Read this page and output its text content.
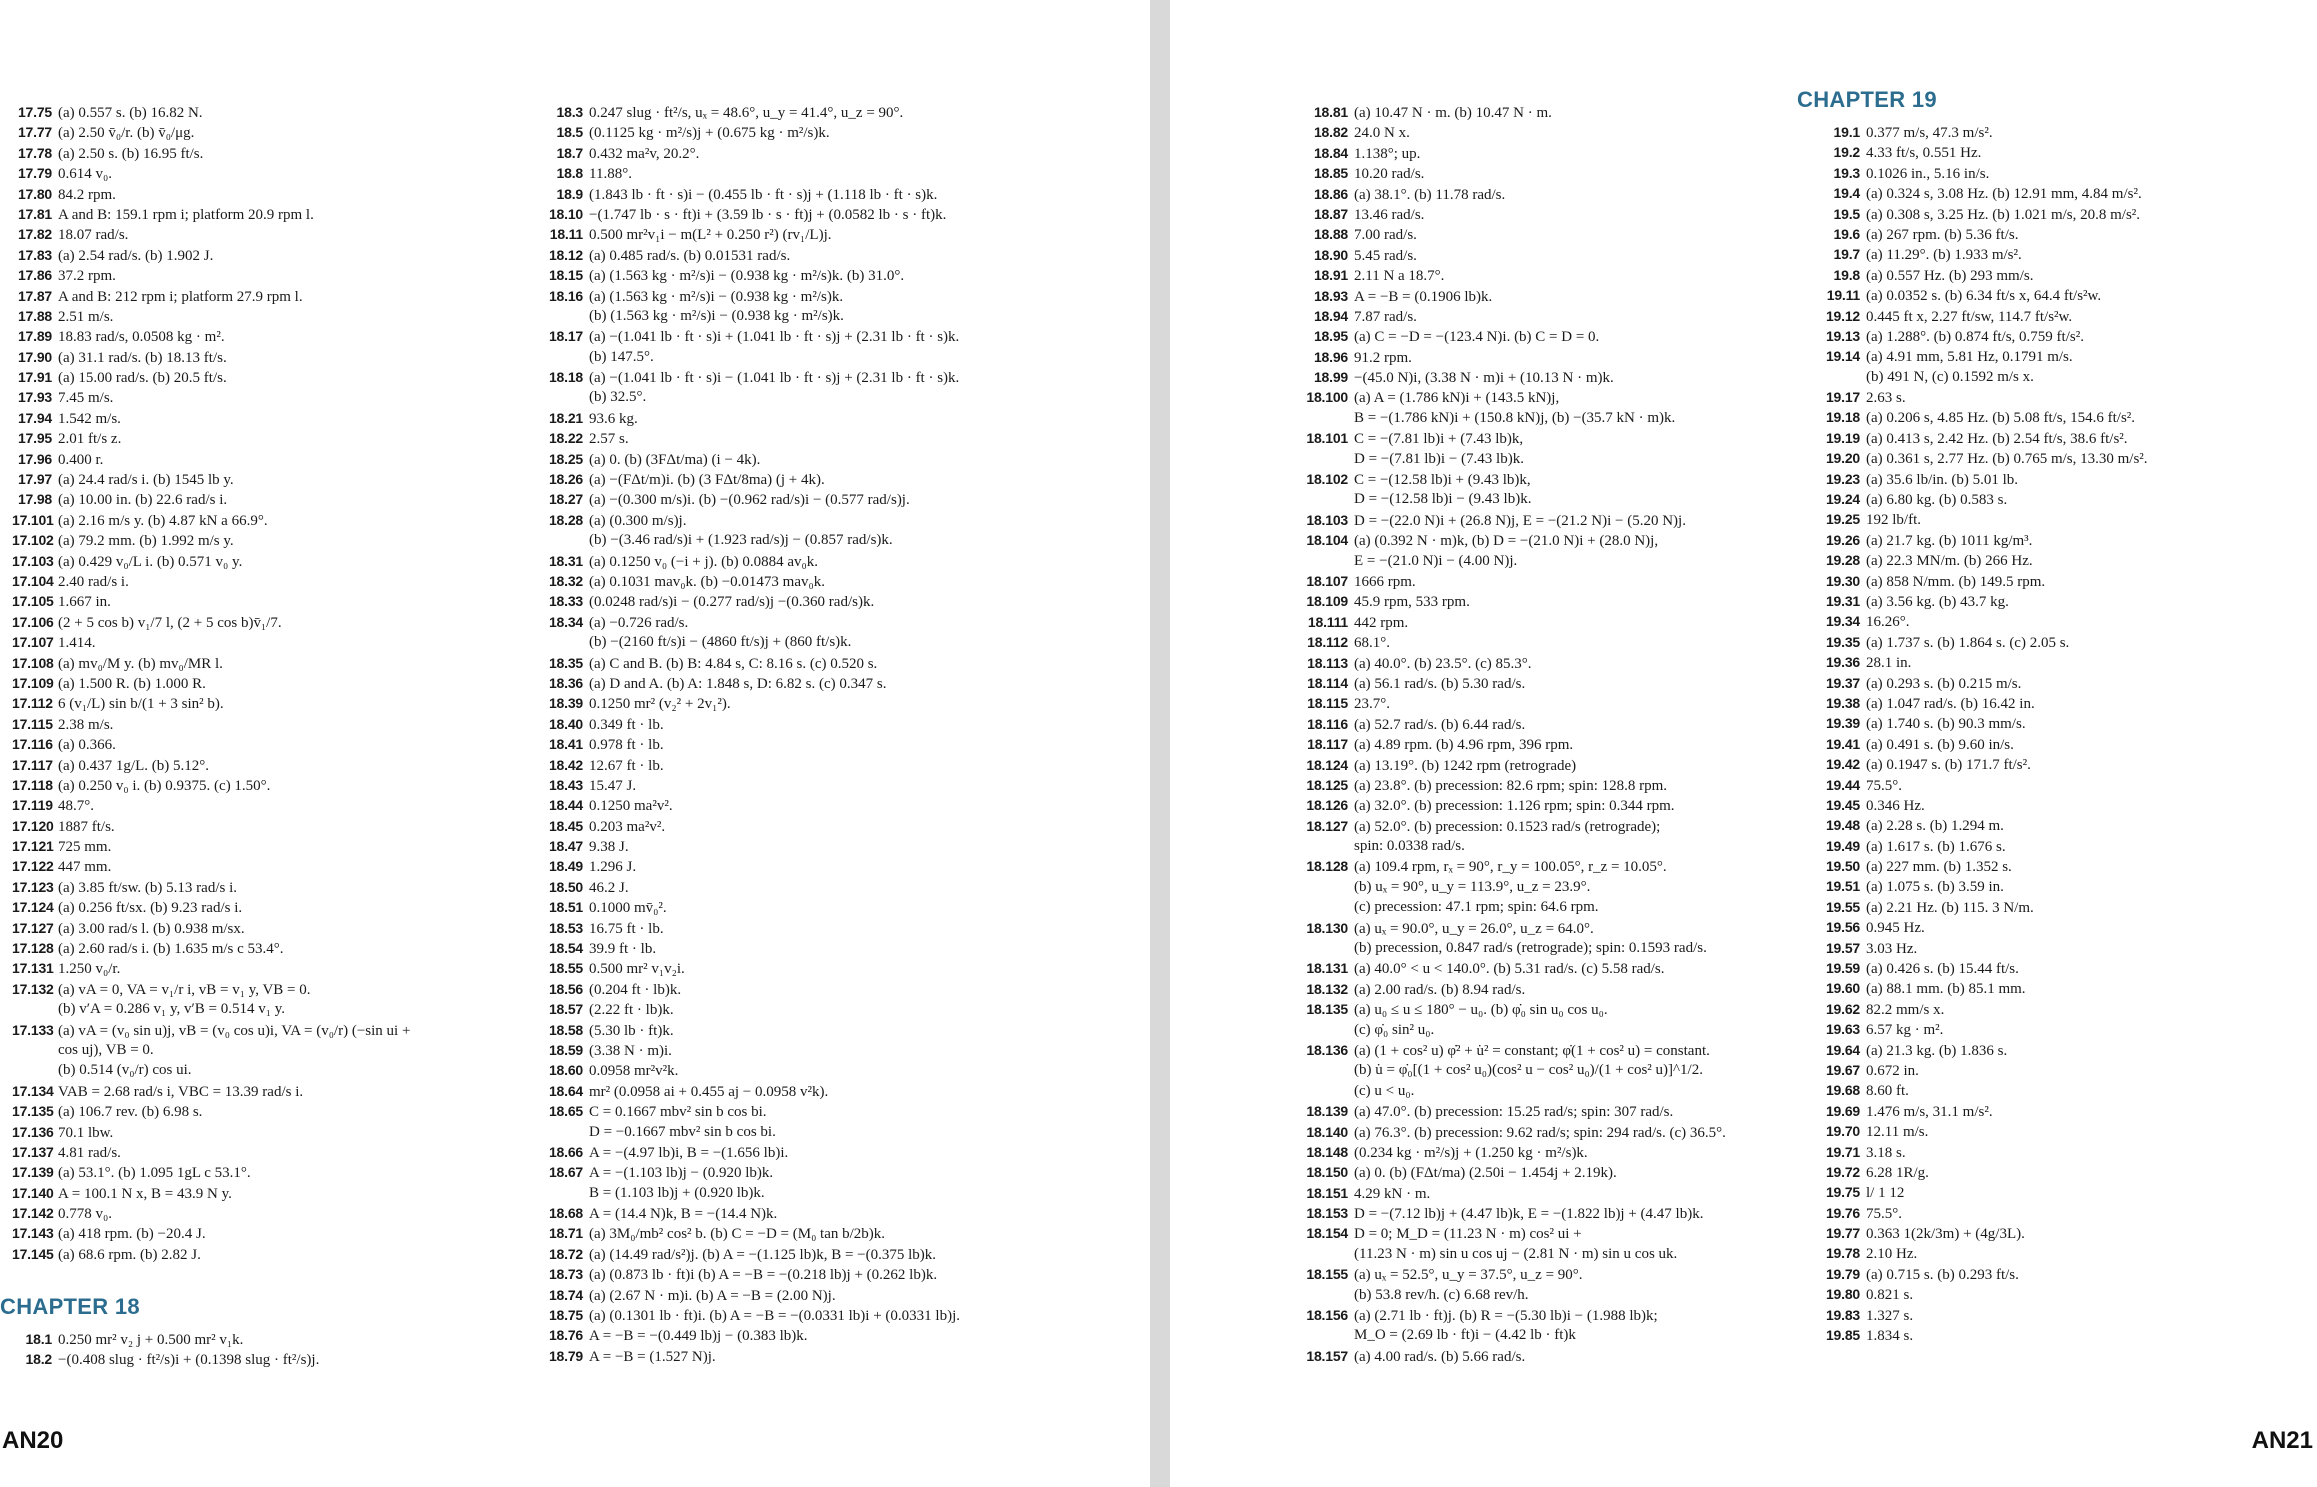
17.75 (a) 0.557 s. (b) 16.82 N.
17.77 (a) 2.50 v̄₀/r. (b) v̄₀/μg.
17.78 (a) 2.50 s. (b) 16.95 ft/s.
17.79 0.614 v₀.
17.80 84.2 rpm.
17.81 A and B: 159.1 rpm i; platform 20.9 rpm l.
17.82 18.07 rad/s.
17.83 (a) 2.54 rad/s. (b) 1.902 J.
17.86 37.2 rpm.
17.87 A and B: 212 rpm i; platform 27.9 rpm l.
17.88 2.51 m/s.
17.89 18.83 rad/s, 0.0508 kg · m².
17.90 (a) 31.1 rad/s. (b) 18.13 ft/s.
17.91 (a) 15.00 rad/s. (b) 20.5 ft/s.
17.93 7.45 m/s.
17.94 1.542 m/s.
17.95 2.01 ft/s z.
17.96 0.400 r.
17.97 (a) 24.4 rad/s i. (b) 1545 lb y.
17.98 (a) 10.00 in. (b) 22.6 rad/s i.
17.101 (a) 2.16 m/s y. (b) 4.87 kN a 66.9°.
17.102 (a) 79.2 mm. (b) 1.992 m/s y.
17.103 (a) 0.429 v₀/L i. (b) 0.571 v₀ y.
17.104 2.40 rad/s i.
17.105 1.667 in.
17.106 (2 + 5 cos b) v₁/7 l, (2 + 5 cos b)v̄₁/7.
17.107 1.414.
17.108 (a) mv₀/M y. (b) mv₀/MR l.
17.109 (a) 1.500 R. (b) 1.000 R.
17.112 6 (v₁/L) sin b/(1 + 3 sin² b).
17.115 2.38 m/s.
17.116 (a) 0.366.
17.117 (a) 0.437 1g/L. (b) 5.12°.
17.118 (a) 0.250 v₀ i. (b) 0.9375. (c) 1.50°.
17.119 48.7°.
17.120 1887 ft/s.
17.121 725 mm.
17.122 447 mm.
17.123 (a) 3.85 ft/sw. (b) 5.13 rad/s i.
17.124 (a) 0.256 ft/sx. (b) 9.23 rad/s i.
17.127 (a) 3.00 rad/s l. (b) 0.938 m/sx.
17.128 (a) 2.60 rad/s i. (b) 1.635 m/s c 53.4°.
17.131 1.250 v₀/r.
17.132 (a) vA = 0, VA = v₁/r i, vB = v₁ y, VB = 0.
(b) v′A = 0.286 v₁ y, v′B = 0.514 v₁ y.
17.133 (a) vA = (v₀ sin u)j, vB = (v₀ cos u)i, VA = (v₀/r) (−sin ui +
cos uj), VB = 0.
(b) 0.514 (v₀/r) cos ui.
17.134 VAB = 2.68 rad/s i, VBC = 13.39 rad/s i.
17.135 (a) 106.7 rev. (b) 6.98 s.
17.136 70.1 lbw.
17.137 4.81 rad/s.
17.139 (a) 53.1°. (b) 1.095 1gL c 53.1°.
17.140 A = 100.1 N x, B = 43.9 N y.
17.142 0.778 v₀.
17.143 (a) 418 rpm. (b) −20.4 J.
17.145 (a) 68.6 rpm. (b) 2.82 J.
CHAPTER 18
18.1 0.250 mr² v₂ j + 0.500 mr² v₁k.
18.2 −(0.408 slug · ft²/s)i + (0.1398 slug · ft²/s)j.
18.3 0.247 slug · ft²/s, uₓ = 48.6°, u_y = 41.4°, u_z = 90°.
18.5 (0.1125 kg · m²/s)j + (0.675 kg · m²/s)k.
18.7 0.432 ma²v, 20.2°.
18.8 11.88°.
18.9 (1.843 lb · ft · s)i − (0.455 lb · ft · s)j + (1.118 lb · ft · s)k.
18.10 −(1.747 lb · s · ft)i + (3.59 lb · s · ft)j + (0.0582 lb · s · ft)k.
18.11 0.500 mr²v₁i − m(L² + 0.250 r²) (rv₁/L)j.
18.12 (a) 0.485 rad/s. (b) 0.01531 rad/s.
18.15 (a) (1.563 kg · m²/s)i − (0.938 kg · m²/s)k. (b) 31.0°.
18.16 (a) (1.563 kg · m²/s)i − (0.938 kg · m²/s)k.
(b) (1.563 kg · m²/s)i − (0.938 kg · m²/s)k.
18.17 (a) −(1.041 lb · ft · s)i + (1.041 lb · ft · s)j + (2.31 lb · ft · s)k.
(b) 147.5°.
18.18 (a) −(1.041 lb · ft · s)i − (1.041 lb · ft · s)j + (2.31 lb · ft · s)k.
(b) 32.5°.
18.21 93.6 kg.
18.22 2.57 s.
18.25 (a) 0. (b) (3FΔt/ma) (i − 4k).
18.26 (a) −(FΔt/m)i. (b) (3 FΔt/8ma) (j + 4k).
18.27 (a) −(0.300 m/s)i. (b) −(0.962 rad/s)i − (0.577 rad/s)j.
18.28 (a) (0.300 m/s)j.
(b) −(3.46 rad/s)i + (1.923 rad/s)j − (0.857 rad/s)k.
18.31 (a) 0.1250 v₀ (−i + j). (b) 0.0884 av₀k.
18.32 (a) 0.1031 mav₀k. (b) −0.01473 mav₀k.
18.33 (0.0248 rad/s)i − (0.277 rad/s)j −(0.360 rad/s)k.
18.34 (a) −0.726 rad/s.
(b) −(2160 ft/s)i − (4860 ft/s)j + (860 ft/s)k.
18.35 (a) C and B. (b) B: 4.84 s, C: 8.16 s. (c) 0.520 s.
18.36 (a) D and A. (b) A: 1.848 s, D: 6.82 s. (c) 0.347 s.
18.39 0.1250 mr² (v₂² + 2v₁²).
18.40 0.349 ft · lb.
18.41 0.978 ft · lb.
18.42 12.67 ft · lb.
18.43 15.47 J.
18.44 0.1250 ma²v².
18.45 0.203 ma²v².
18.47 9.38 J.
18.49 1.296 J.
18.50 46.2 J.
18.51 0.1000 mv̄₀².
18.53 16.75 ft · lb.
18.54 39.9 ft · lb.
18.55 0.500 mr² v₁v₂i.
18.56 (0.204 ft · lb)k.
18.57 (2.22 ft · lb)k.
18.58 (5.30 lb · ft)k.
18.59 (3.38 N · m)i.
18.60 0.0958 mr²v²k.
18.64 mr² (0.0958 ai + 0.455 aj − 0.0958 v²k).
18.65 C = 0.1667 mbv² sin b cos bi.
D = −0.1667 mbv² sin b cos bi.
18.66 A = −(4.97 lb)i, B = −(1.656 lb)i.
18.67 A = −(1.103 lb)j − (0.920 lb)k.
B = (1.103 lb)j + (0.920 lb)k.
18.68 A = (14.4 N)k, B = −(14.4 N)k.
18.71 (a) 3M₀/mb² cos² b. (b) C = −D = (M₀ tan b/2b)k.
18.72 (a) (14.49 rad/s²)j. (b) A = −(1.125 lb)k, B = −(0.375 lb)k.
18.73 (a) (0.873 lb · ft)i (b) A = −B = −(0.218 lb)j + (0.262 lb)k.
18.74 (a) (2.67 N · m)i. (b) A = −B = (2.00 N)j.
18.75 (a) (0.1301 lb · ft)i. (b) A = −B = −(0.0331 lb)i + (0.0331 lb)j.
18.76 A = −B = −(0.449 lb)j − (0.383 lb)k.
18.79 A = −B = (1.527 N)j.
AN20
18.81 (a) 10.47 N · m. (b) 10.47 N · m.
18.82 24.0 N x.
18.84 1.138°; up.
18.85 10.20 rad/s.
18.86 (a) 38.1°. (b) 11.78 rad/s.
18.87 13.46 rad/s.
18.88 7.00 rad/s.
18.90 5.45 rad/s.
18.91 2.11 N a 18.7°.
18.93 A = −B = (0.1906 lb)k.
18.94 7.87 rad/s.
18.95 (a) C = −D = −(123.4 N)i. (b) C = D = 0.
18.96 91.2 rpm.
18.99 −(45.0 N)i, (3.38 N · m)i + (10.13 N · m)k.
18.100 (a) A = (1.786 kN)i + (143.5 kN)j,
B = −(1.786 kN)i + (150.8 kN)j, (b) −(35.7 kN · m)k.
18.101 C = −(7.81 lb)i + (7.43 lb)k,
D = −(7.81 lb)i − (7.43 lb)k.
18.102 C = −(12.58 lb)i + (9.43 lb)k,
D = −(12.58 lb)i − (9.43 lb)k.
18.103 D = −(22.0 N)i + (26.8 N)j, E = −(21.2 N)i − (5.20 N)j.
18.104 (a) (0.392 N · m)k, (b) D = −(21.0 N)i + (28.0 N)j,
E = −(21.0 N)i − (4.00 N)j.
18.107 1666 rpm.
18.109 45.9 rpm, 533 rpm.
18.111 442 rpm.
18.112 68.1°.
18.113 (a) 40.0°. (b) 23.5°. (c) 85.3°.
18.114 (a) 56.1 rad/s. (b) 5.30 rad/s.
18.115 23.7°.
18.116 (a) 52.7 rad/s. (b) 6.44 rad/s.
18.117 (a) 4.89 rpm. (b) 4.96 rpm, 396 rpm.
18.124 (a) 13.19°. (b) 1242 rpm (retrograde)
18.125 (a) 23.8°. (b) precession: 82.6 rpm; spin: 128.8 rpm.
18.126 (a) 32.0°. (b) precession: 1.126 rpm; spin: 0.344 rpm.
18.127 (a) 52.0°. (b) precession: 0.1523 rad/s (retrograde);
spin: 0.0338 rad/s.
18.128 (a) 109.4 rpm, rₓ = 90°, r_y = 100.05°, r_z = 10.05°.
(b) uₓ = 90°, u_y = 113.9°, u_z = 23.9°.
(c) precession: 47.1 rpm; spin: 64.6 rpm.
18.130 (a) uₓ = 90.0°, u_y = 26.0°, u_z = 64.0°.
(b) precession, 0.847 rad/s (retrograde); spin: 0.1593 rad/s.
18.131 (a) 40.0° < u < 140.0°. (b) 5.31 rad/s. (c) 5.58 rad/s.
18.132 (a) 2.00 rad/s. (b) 8.94 rad/s.
18.135 (a) u₀ ≤ u ≤ 180° − u₀. (b) φ̇₀ sin u₀ cos u₀.
(c) φ̇₀ sin² u₀.
18.136 (a) (1 + cos² u) φ̇² + u̇² = constant; φ̇(1 + cos² u) = constant.
(b) u̇ = φ̇₀[(1 + cos² u₀)(cos² u − cos² u₀)/(1 + cos² u)]^1/2.
(c) u < u₀.
18.139 (a) 47.0°. (b) precession: 15.25 rad/s; spin: 307 rad/s.
18.140 (a) 76.3°. (b) precession: 9.62 rad/s; spin: 294 rad/s. (c) 36.5°.
18.148 (0.234 kg · m²/s)j + (1.250 kg · m²/s)k.
18.150 (a) 0. (b) (FΔt/ma) (2.50i − 1.454j + 2.19k).
18.151 4.29 kN · m.
18.153 D = −(7.12 lb)j + (4.47 lb)k, E = −(1.822 lb)j + (4.47 lb)k.
18.154 D = 0; M_D = (11.23 N · m) cos² ui +
(11.23 N · m) sin u cos uj − (2.81 N · m) sin u cos uk.
18.155 (a) uₓ = 52.5°, u_y = 37.5°, u_z = 90°.
(b) 53.8 rev/h. (c) 6.68 rev/h.
18.156 (a) (2.71 lb · ft)j. (b) R = −(5.30 lb)i − (1.988 lb)k;
M_O = (2.69 lb · ft)i − (4.42 lb · ft)k
18.157 (a) 4.00 rad/s. (b) 5.66 rad/s.
CHAPTER 19
19.1 0.377 m/s, 47.3 m/s².
19.2 4.33 ft/s, 0.551 Hz.
19.3 0.1026 in., 5.16 in/s.
19.4 (a) 0.324 s, 3.08 Hz. (b) 12.91 mm, 4.84 m/s².
19.5 (a) 0.308 s, 3.25 Hz. (b) 1.021 m/s, 20.8 m/s².
19.6 (a) 267 rpm. (b) 5.36 ft/s.
19.7 (a) 11.29°. (b) 1.933 m/s².
19.8 (a) 0.557 Hz. (b) 293 mm/s.
19.11 (a) 0.0352 s. (b) 6.34 ft/s x, 64.4 ft/s²w.
19.12 0.445 ft x, 2.27 ft/sw, 114.7 ft/s²w.
19.13 (a) 1.288°. (b) 0.874 ft/s, 0.759 ft/s².
19.14 (a) 4.91 mm, 5.81 Hz, 0.1791 m/s.
(b) 491 N, (c) 0.1592 m/s x.
19.17 2.63 s.
19.18 (a) 0.206 s, 4.85 Hz. (b) 5.08 ft/s, 154.6 ft/s².
19.19 (a) 0.413 s, 2.42 Hz. (b) 2.54 ft/s, 38.6 ft/s².
19.20 (a) 0.361 s, 2.77 Hz. (b) 0.765 m/s, 13.30 m/s².
19.23 (a) 35.6 lb/in. (b) 5.01 lb.
19.24 (a) 6.80 kg. (b) 0.583 s.
19.25 192 lb/ft.
19.26 (a) 21.7 kg. (b) 1011 kg/m³.
19.28 (a) 22.3 MN/m. (b) 266 Hz.
19.30 (a) 858 N/mm. (b) 149.5 rpm.
19.31 (a) 3.56 kg. (b) 43.7 kg.
19.34 16.26°.
19.35 (a) 1.737 s. (b) 1.864 s. (c) 2.05 s.
19.36 28.1 in.
19.37 (a) 0.293 s. (b) 0.215 m/s.
19.38 (a) 1.047 rad/s. (b) 16.42 in.
19.39 (a) 1.740 s. (b) 90.3 mm/s.
19.41 (a) 0.491 s. (b) 9.60 in/s.
19.42 (a) 0.1947 s. (b) 171.7 ft/s².
19.44 75.5°.
19.45 0.346 Hz.
19.48 (a) 2.28 s. (b) 1.294 m.
19.49 (a) 1.617 s. (b) 1.676 s.
19.50 (a) 227 mm. (b) 1.352 s.
19.51 (a) 1.075 s. (b) 3.59 in.
19.55 (a) 2.21 Hz. (b) 115. 3 N/m.
19.56 0.945 Hz.
19.57 3.03 Hz.
19.59 (a) 0.426 s. (b) 15.44 ft/s.
19.60 (a) 88.1 mm. (b) 85.1 mm.
19.62 82.2 mm/s x.
19.63 6.57 kg · m².
19.64 (a) 21.3 kg. (b) 1.836 s.
19.67 0.672 in.
19.68 8.60 ft.
19.69 1.476 m/s, 31.1 m/s².
19.70 12.11 m/s.
19.71 3.18 s.
19.72 6.28 1R/g.
19.75 l/ 1 12
19.76 75.5°.
19.77 0.363 1(2k/3m) + (4g/3L).
19.78 2.10 Hz.
19.79 (a) 0.715 s. (b) 0.293 ft/s.
19.80 0.821 s.
19.83 1.327 s.
19.85 1.834 s.
AN21
